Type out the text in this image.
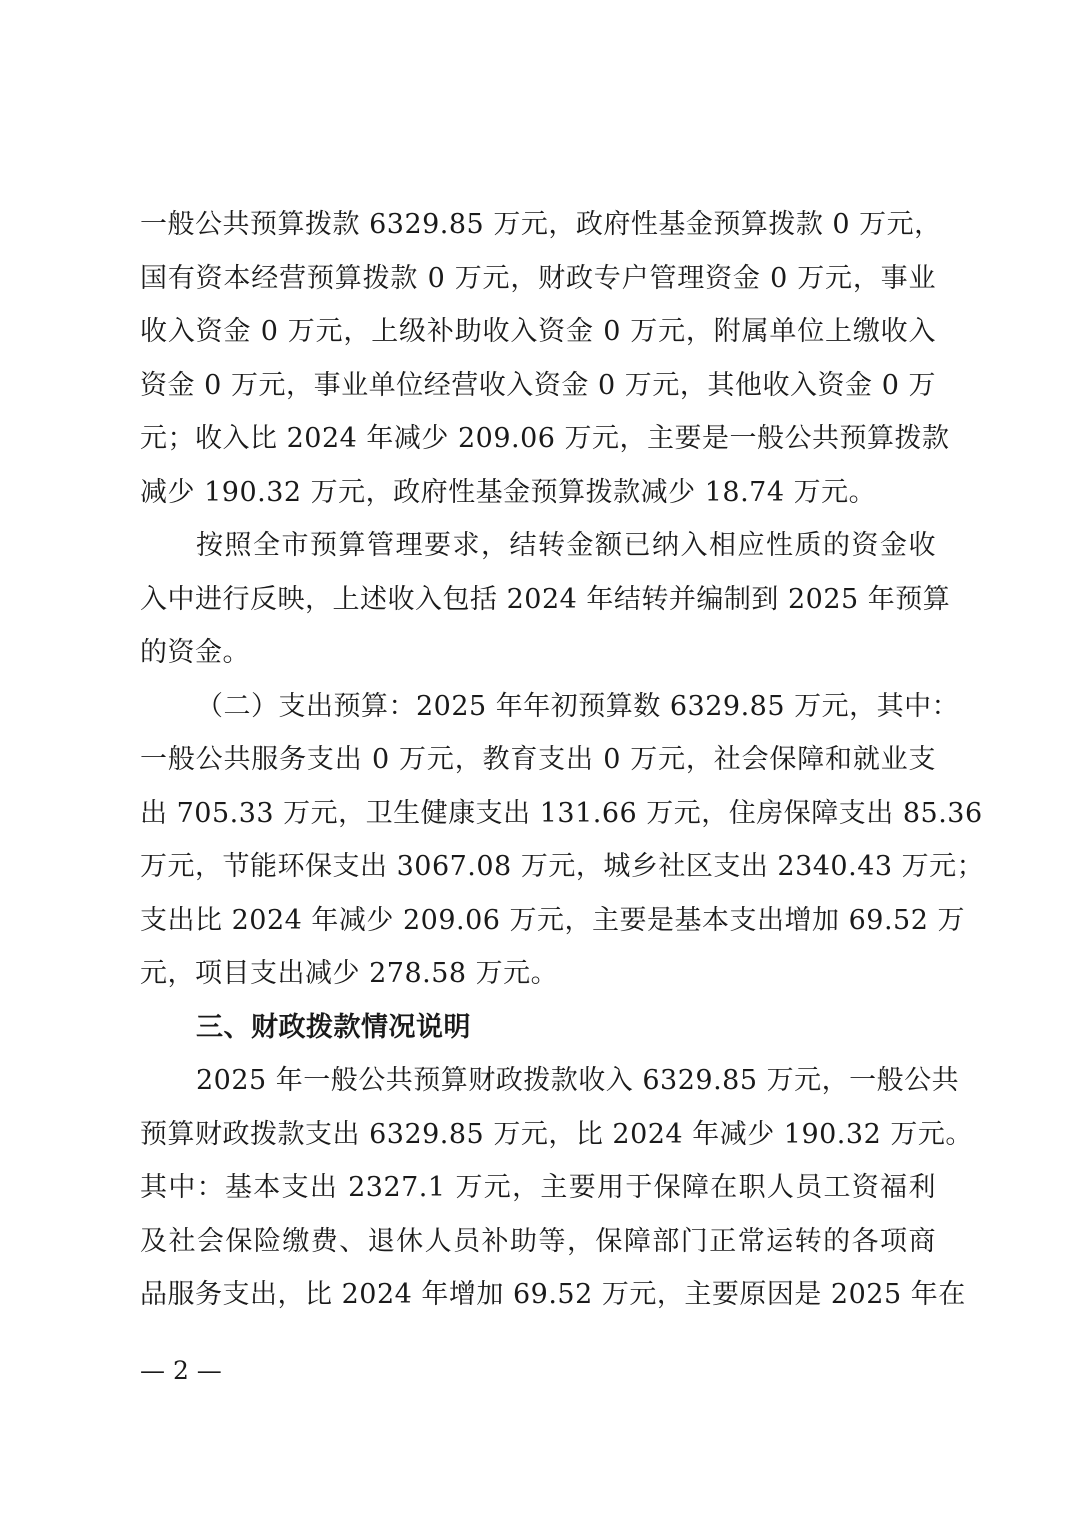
一般公共预算拨款 6329.85 万元，政府性基金预算拨款 0 万元，
国有资本经营预算拨款 0 万元，财政专户管理资金 0 万元，事业
收入资金 0 万元，上级补助收入资金 0 万元，附属单位上缴收入
资金 0 万元，事业单位经营收入资金 0 万元，其他收入资金 0 万
元；收入比 2024 年减少 209.06 万元，主要是一般公共预算拨款
减少 190.32 万元，政府性基金预算拨款减少 18.74 万元。
按照全市预算管理要求，结转金额已纳入相应性质的资金收
入中进行反映，上述收入包括 2024 年结转并编制到 2025 年预算
的资金。
（二）支出预算：2025 年年初预算数 6329.85 万元，其中：
一般公共服务支出 0 万元，教育支出 0 万元，社会保障和就业支
出 705.33 万元，卫生健康支出 131.66 万元，住房保障支出 85.36
万元，节能环保支出 3067.08 万元，城乡社区支出 2340.43 万元；
支出比 2024 年减少 209.06 万元，主要是基本支出增加 69.52 万
元，项目支出减少 278.58 万元。
三、财政拨款情况说明
2025 年一般公共预算财政拨款收入 6329.85 万元，一般公共
预算财政拨款支出 6329.85 万元，比 2024 年减少 190.32 万元。
其中：基本支出 2327.1 万元，主要用于保障在职人员工资福利
及社会保险缴费、退休人员补助等，保障部门正常运转的各项商
品服务支出，比 2024 年增加 69.52 万元，主要原因是 2025 年在
— 2 —
